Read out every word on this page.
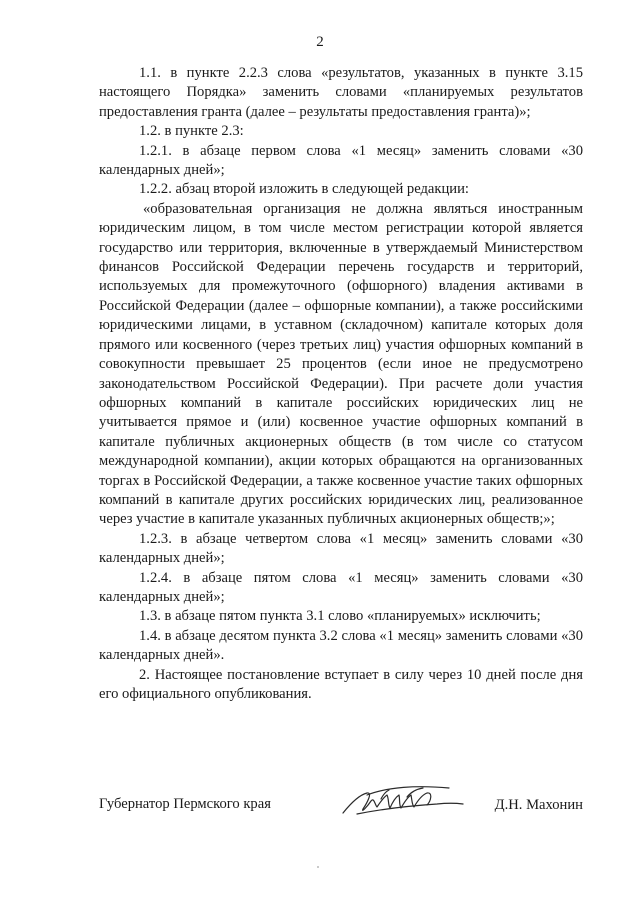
2

1.1. в пункте 2.2.3 слова «результатов, указанных в пункте 3.15 настоящего Порядка» заменить словами «планируемых результатов предоставления гранта (далее – результаты предоставления гранта)»;

1.2. в пункте 2.3:

1.2.1. в абзаце первом слова «1 месяц» заменить словами «30 календарных дней»;

1.2.2. абзац второй изложить в следующей редакции:

«образовательная организация не должна являться иностранным юридическим лицом, в том числе местом регистрации которой является государство или территория, включенные в утверждаемый Министерством финансов Российской Федерации перечень государств и территорий, используемых для промежуточного (офшорного) владения активами в Российской Федерации (далее – офшорные компании), а также российскими юридическими лицами, в уставном (складочном) капитале которых доля прямого или косвенного (через третьих лиц) участия офшорных компаний в совокупности превышает 25 процентов (если иное не предусмотрено законодательством Российской Федерации). При расчете доли участия офшорных компаний в капитале российских юридических лиц не учитывается прямое и (или) косвенное участие офшорных компаний в капитале публичных акционерных обществ (в том числе со статусом международной компании), акции которых обращаются на организованных торгах в Российской Федерации, а также косвенное участие таких офшорных компаний в капитале других российских юридических лиц, реализованное через участие в капитале указанных публичных акционерных обществ;»;

1.2.3. в абзаце четвертом слова «1 месяц» заменить словами «30 календарных дней»;

1.2.4. в абзаце пятом слова «1 месяц» заменить словами «30 календарных дней»;

1.3. в абзаце пятом пункта 3.1 слово «планируемых» исключить;

1.4. в абзаце десятом пункта 3.2 слова «1 месяц» заменить словами «30 календарных дней».

2. Настоящее постановление вступает в силу через 10 дней после дня его официального опубликования.

Губернатор Пермского края	Д.Н. Махонин
